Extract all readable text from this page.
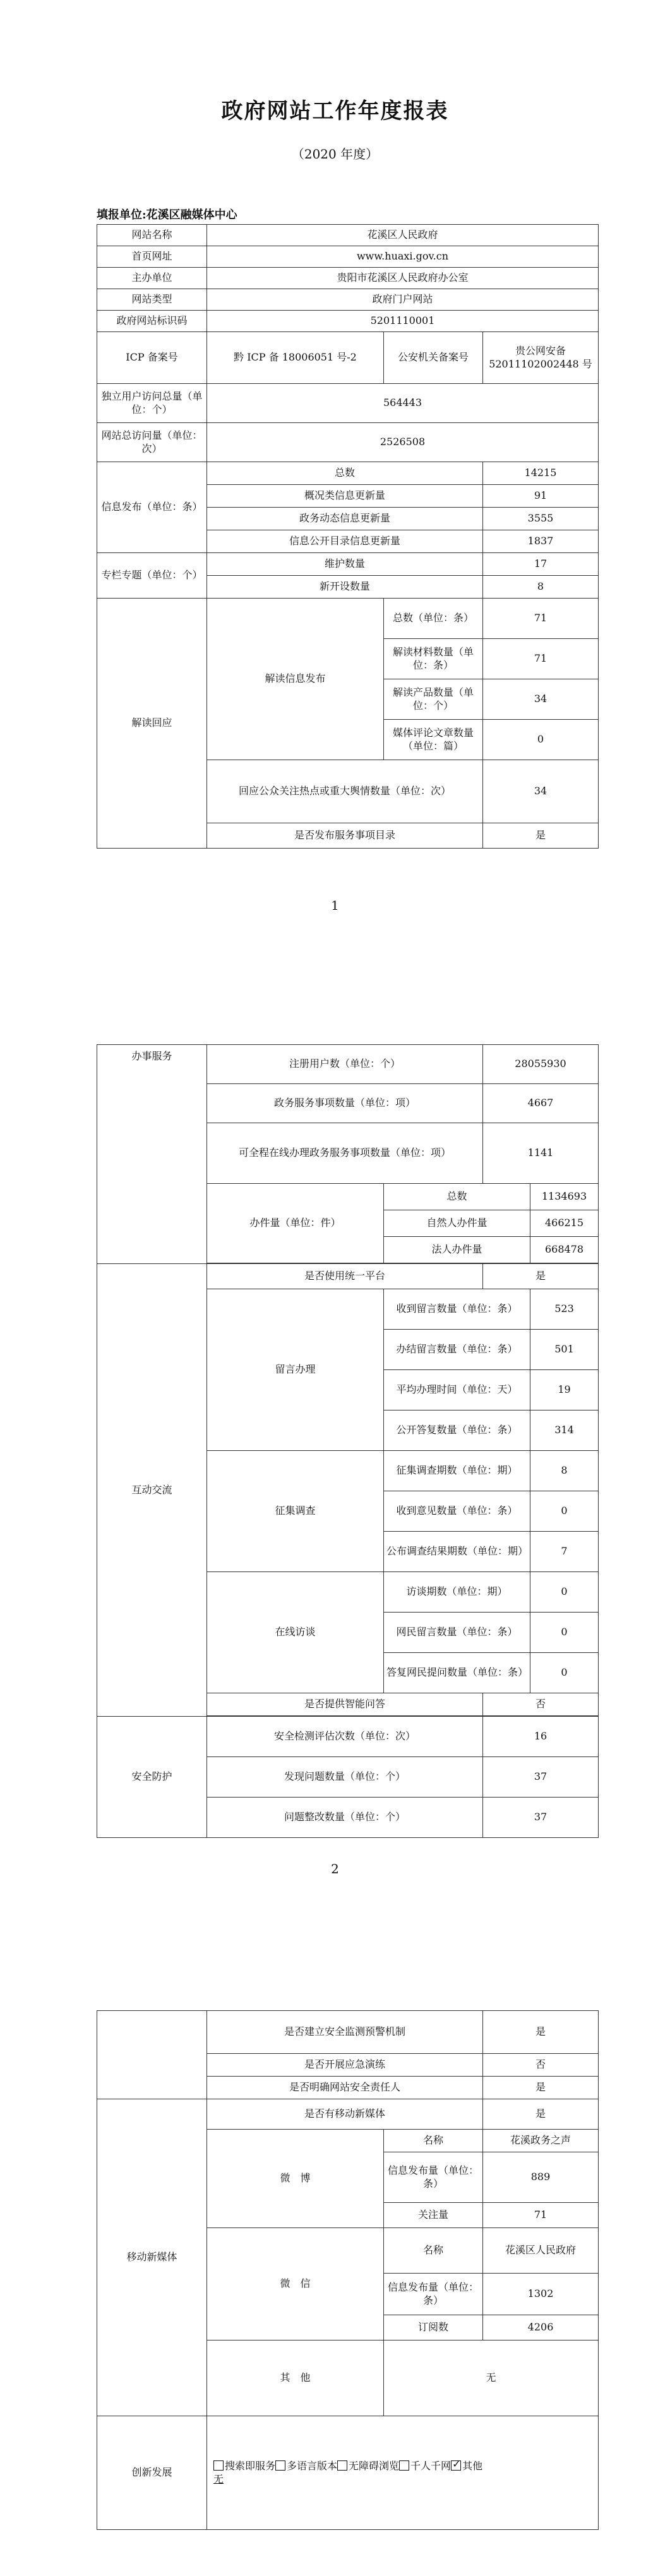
政府网站工作年度报表
（2020 年度）
填报单位:花溪区融媒体中心
网站名称	花溪区人民政府		
首页网址	www.huaxi.gov.cn		
主办单位	贵阳市花溪区人民政府办公室		
网站类型	政府门户网站		
政府网站标识码	5201110001		
ICP 备案号	黔 ICP 备 18006051 号-2	公安机关备案号	贵公网安备 52011102002448 号
独立用户访问总量（单位：个）	564443		
网站总访问量（单位：次）	2526508		
信息发布（单位：条）	总数		14215
	概况类信息更新量		91
	政务动态信息更新量		3555
	信息公开目录信息更新量		1837
专栏专题（单位：个）	维护数量		17
	新开设数量		8
解读回应	解读信息发布	总数（单位：条）	71
		解读材料数量（单位：条）	71
		解读产品数量（单位：个）	34
		媒体评论文章数量（单位：篇）	0
	回应公众关注热点或重大舆情数量（单位：次）		34
	是否发布服务事项目录		是
1
办事服务	注册用户数（单位：个）		28055930	
	政务服务事项数量（单位：项）		4667	
	可全程在线办理政务服务事项数量（单位：项）		1141	
	办件量（单位：件）	总数		1134693
		自然人办件量		466215
		法人办件量		668478

互动交流	是否使用统一平台		是	
	留言办理	收到留言数量（单位：条）		523
		办结留言数量（单位：条）		501
		平均办理时间（单位：天）		19
		公开答复数量（单位：条）		314
	征集调查	征集调查期数（单位：期）		8
		收到意见数量（单位：条）		0
		公布调查结果期数（单位：期）		7
	在线访谈	访谈期数（单位：期）		0
		网民留言数量（单位：条）		0
		答复网民提问数量（单位：条）		0
	是否提供智能问答		否	

安全防护	安全检测评估次数（单位：次）		16	
	发现问题数量（单位：个）		37	
	问题整改数量（单位：个）		37	
2
	是否建立安全监测预警机制		是
	是否开展应急演练		否
	是否明确网站安全责任人		是
移动新媒体	是否有移动新媒体		是
	微　博	名称	花溪政务之声
		信息发布量（单位：条）	889
		关注量	71
	微　信	名称	花溪区人民政府
		信息发布量（单位：条）	1302
		订阅数	4206
	其　他	无	
创新发展	搜索即服务 多语言版本 无障碍浏览 千人千网 ✓ 其他
无
